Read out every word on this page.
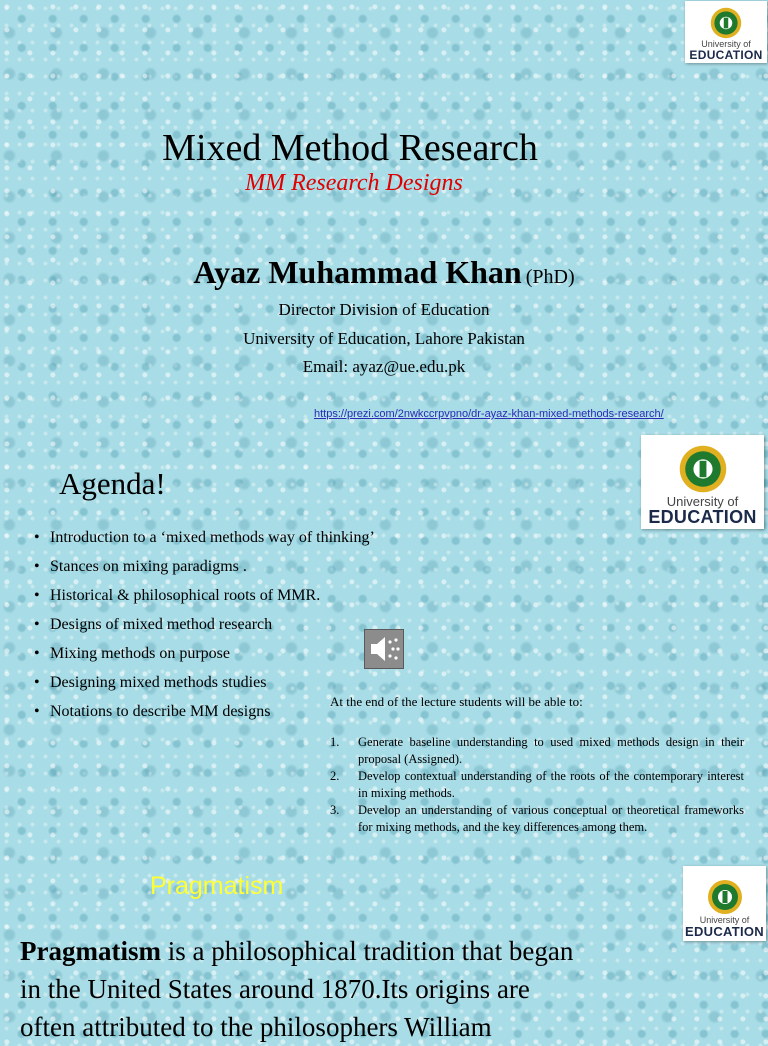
University of
EDUCATION
Mixed Method Research
MM Research Designs
Ayaz Muhammad Khan (PhD)
Director Division of Education
University of Education, Lahore Pakistan
Email: ayaz@ue.edu.pk
https://prezi.com/2nwkccrpvpno/dr-ayaz-khan-mixed-methods-research/
University of
EDUCATION
Agenda!
• Introduction to a ‘mixed methods way of thinking’
• Stances on mixing paradigms .
• Historical & philosophical roots of MMR.
• Designs of mixed method research
• Mixing methods on purpose
• Designing mixed methods studies
• Notations to describe MM designs
At the end of the lecture students will be able to:
1.	Generate baseline understanding to used mixed methods design in their proposal (Assigned).
2.	Develop contextual understanding of the roots of the contemporary interest in mixing methods.
3.	Develop an understanding of various conceptual or theoretical frameworks for mixing methods, and the key differences among them.
University of
EDUCATION
Pragmatism
Pragmatism is a philosophical tradition that began
in the United States around 1870.Its origins are
often attributed to the philosophers William
